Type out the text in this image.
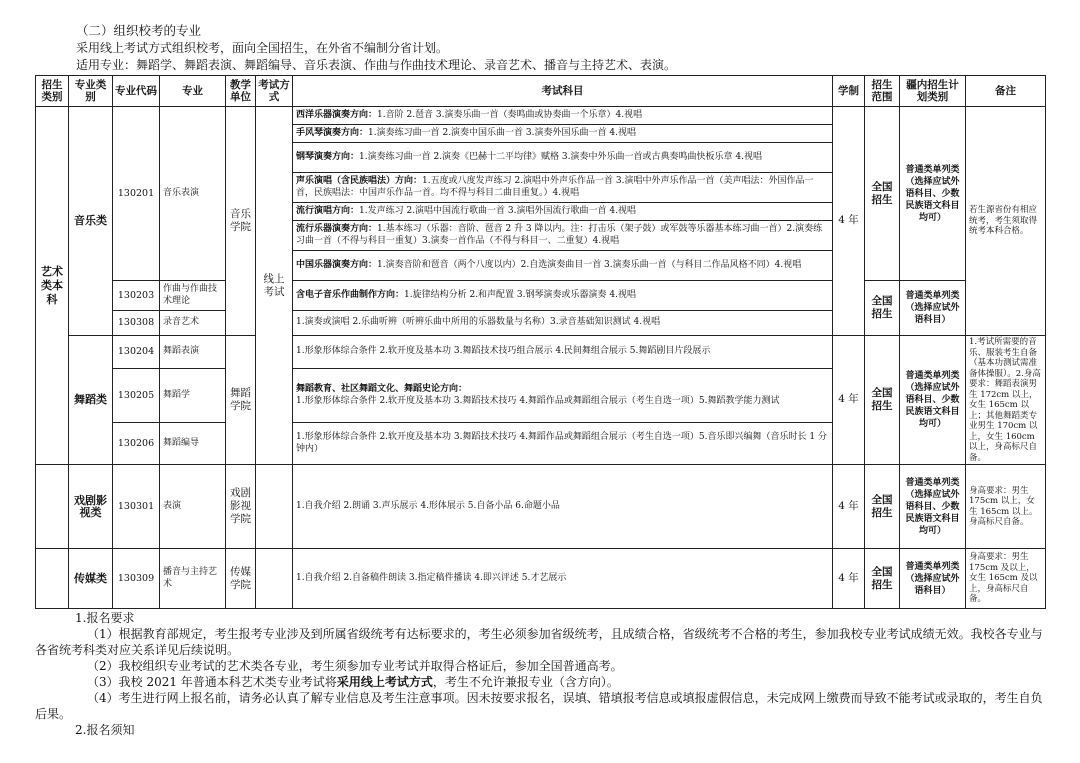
（二）组织校考的专业
采用线上考试方式组织校考，面向全国招生，在外省不编制分省计划。
适用专业：舞蹈学、舞蹈表演、舞蹈编导、音乐表演、作曲与作曲技术理论、录音艺术、播音与主持艺术、表演。
招生类别	专业类别	专业代码	专业	教学单位	考试方式	考试科目	学制	招生范围	疆内招生计划类别	备注
艺术类本科	音乐类	130201	音乐表演	音乐学院	线上考试	西洋乐器演奏方向：1.音阶 2.琶音 3.演奏乐曲一首（奏鸣曲或协奏曲一个乐章）4.视唱	4 年	全国招生	普通类单列类（选择应试外语科目、少数民族语文科目均可）	若生源省份有相应统考，考生须取得统考本科合格。
						手风琴演奏方向：1.演奏练习曲一首 2.演奏中国乐曲一首 3.演奏外国乐曲一首 4.视唱				
						钢琴演奏方向：1.演奏练习曲一首 2.演奏《巴赫十二平均律》赋格 3.演奏中外乐曲一首或古典奏鸣曲快板乐章 4.视唱				
						声乐演唱（含民族唱法）方向：1.五度或八度发声练习 2.演唱中外声乐作品一首 3.演唱中外声乐作品一首（美声唱法：外国作品一首，民族唱法：中国声乐作品一首。均不得与科目二曲目重复。）4.视唱				
						流行演唱方向：1.发声练习 2.演唱中国流行歌曲一首 3.演唱外国流行歌曲一首 4.视唱				
						流行乐器演奏方向：1.基本练习（乐器：音阶、琶音 2 升 3 降以内。注：打击乐（架子鼓）或军鼓等乐器基本练习曲一首）2.演奏练习曲一首（不得与科目一重复）3.演奏一首作品（不得与科目一、二重复）4.视唱				
						中国乐器演奏方向：1.演奏音阶和琶音（两个八度以内）2.自选演奏曲目一首 3.演奏乐曲一首（与科目二作品风格不同）4.视唱				
		130203	作曲与作曲技术理论			含电子音乐作曲制作方向：1.旋律结构分析 2.和声配置 3.钢琴演奏或乐器演奏 4.视唱		全国招生	普通类单列类（选择应试外语科目）	
		130308	录音艺术			1.演奏或演唱 2.乐曲听辨（听辨乐曲中所用的乐器数量与名称）3.录音基础知识测试 4.视唱				
	舞蹈类	130204	舞蹈表演	舞蹈学院		1.形象形体综合条件 2.软开度及基本功 3.舞蹈技术技巧组合展示 4.民间舞组合展示 5.舞蹈剧目片段展示	4 年	全国招生	普通类单列类（选择应试外语科目、少数民族语文科目均可）	1.考试所需要的音乐、服装考生自备（基本功测试需准备体操服）。2.身高要求：舞蹈表演男生 172cm 以上，女生 165cm 以上；其他舞蹈类专业男生 170cm 以上，女生 160cm 以上，身高标尺自备。
		130205	舞蹈学			舞蹈教育、社区舞蹈文化、舞蹈史论方向：
1.形象形体综合条件 2.软开度及基本功 3.舞蹈技术技巧 4.舞蹈作品或舞蹈组合展示（考生自选一项）5.舞蹈教学能力测试				
		130206	舞蹈编导			1.形象形体综合条件 2.软开度及基本功 3.舞蹈技术技巧 4.舞蹈作品或舞蹈组合展示（考生自选一项）5.音乐即兴编舞（音乐时长 1 分钟内）				
	戏剧影视类	130301	表演	戏剧影视学院		1.自我介绍 2.朗诵 3.声乐展示 4.形体展示 5.自备小品 6.命题小品	4 年	全国招生	普通类单列类（选择应试外语科目、少数民族语文科目均可）	身高要求：男生 175cm 以上，女生 165cm 以上。身高标尺自备。
	传媒类	130309	播音与主持艺术	传媒学院		1.自我介绍 2.自备稿件朗读 3.指定稿件播读 4.即兴评述 5.才艺展示	4 年	全国招生	普通类单列类（选择应试外语科目）	身高要求：男生 175cm 及以上，女生 165cm 及以上，身高标尺自备。
1.报名要求
（1）根据教育部规定，考生报考专业涉及到所属省级统考有达标要求的，考生必须参加省级统考，且成绩合格，省级统考不合格的考生，参加我校专业考试成绩无效。我校各专业与各省统考科类对应关系详见后续说明。
（2）我校组织专业考试的艺术类各专业，考生须参加专业考试并取得合格证后，参加全国普通高考。
（3）我校 2021 年普通本科艺术类专业考试将采用线上考试方式，考生不允许兼报专业（含方向）。
（4）考生进行网上报名前，请务必认真了解专业信息及考生注意事项。因未按要求报名，误填、错填报考信息或填报虚假信息，未完成网上缴费而导致不能考试或录取的，考生自负后果。
2.报名须知
